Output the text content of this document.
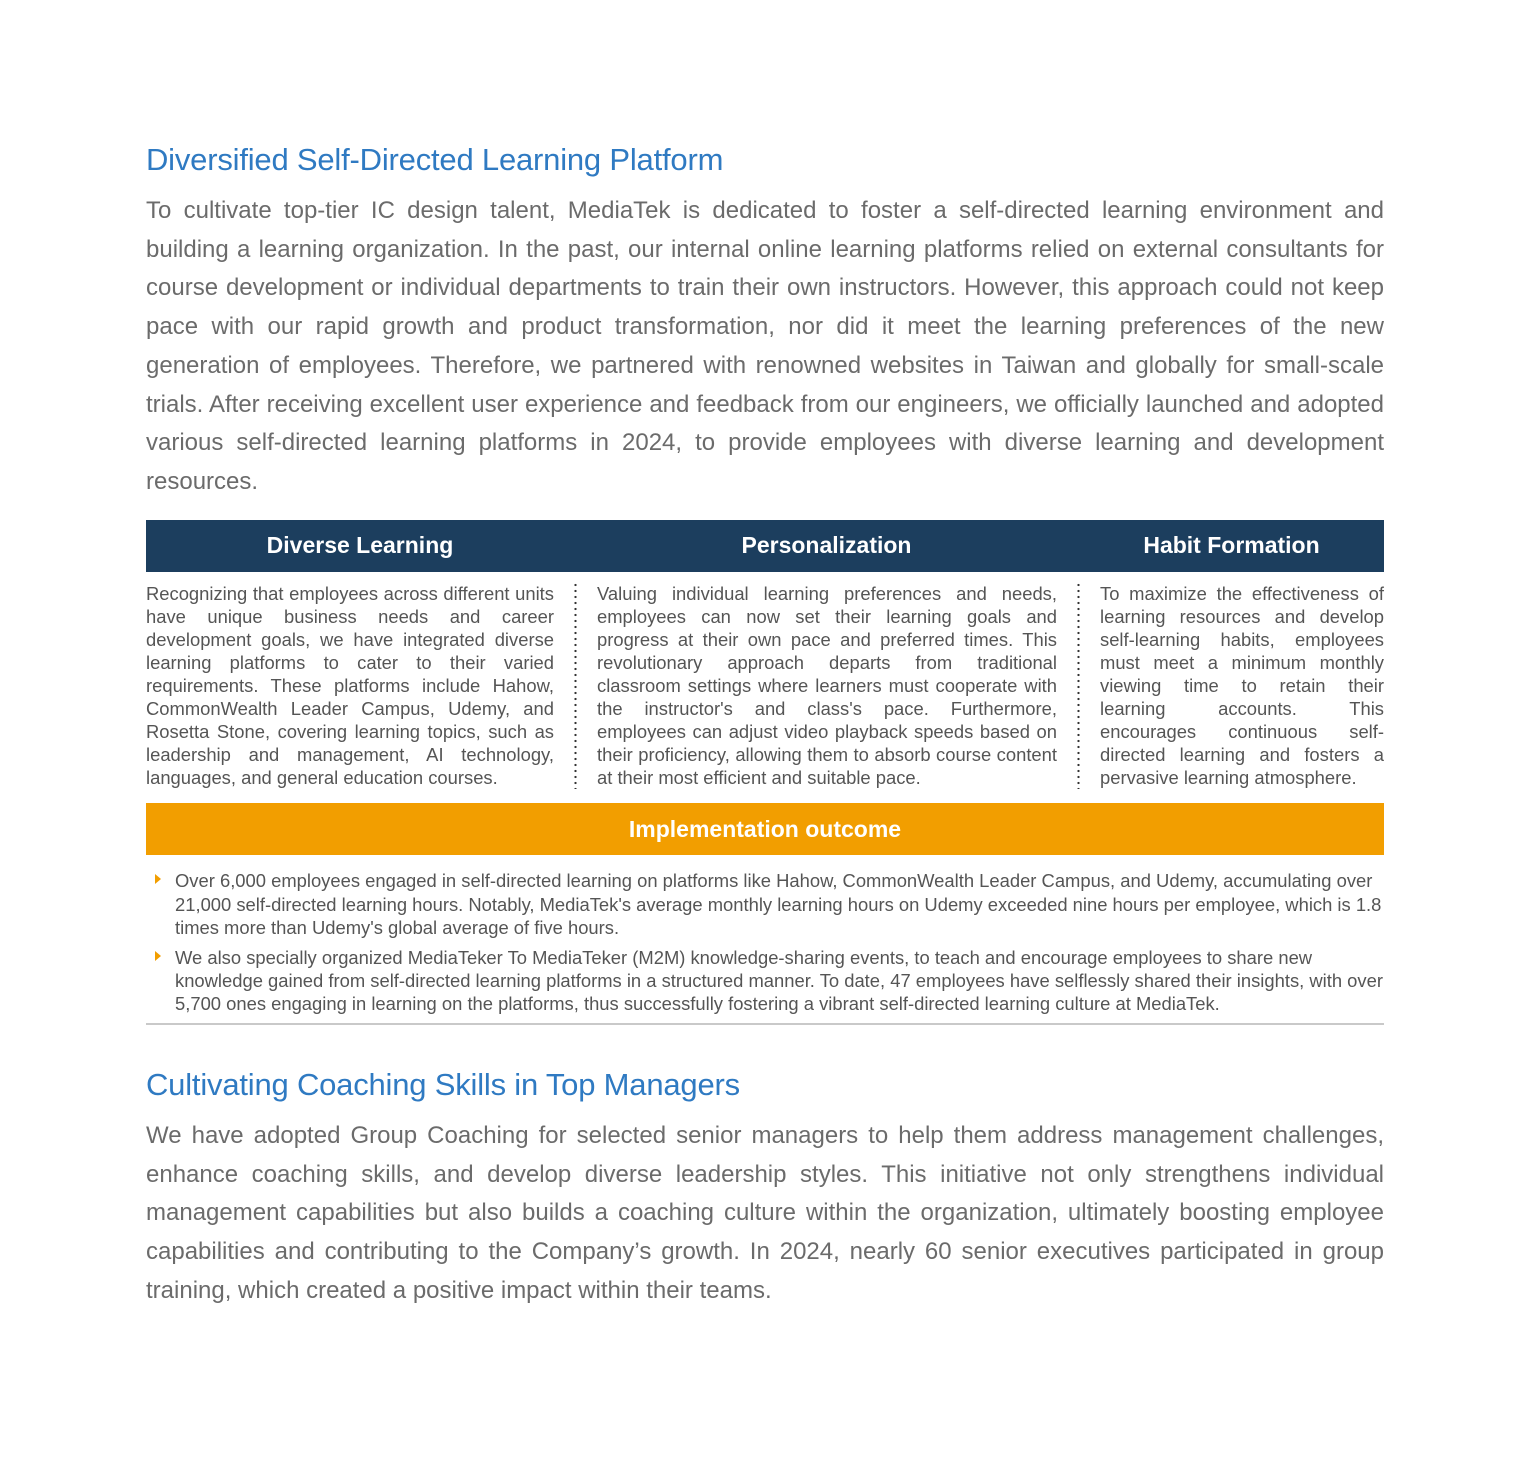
Diversified Self-Directed Learning Platform

To cultivate top-tier IC design talent, MediaTek is dedicated to foster a self-directed learning environment and building a learning organization. In the past, our internal online learning platforms relied on external consultants for course development or individual departments to train their own instructors. However, this approach could not keep pace with our rapid growth and product transformation, nor did it meet the learning preferences of the new generation of employees. Therefore, we partnered with renowned websites in Taiwan and globally for small-scale trials. After receiving excellent user experience and feedback from our engineers, we officially launched and adopted various self-directed learning platforms in 2024, to provide employees with diverse learning and development resources.

Diverse Learning	Personalization	Habit Formation
Recognizing that employees across different units have unique business needs and career development goals, we have integrated diverse learning platforms to cater to their varied requirements. These platforms include Hahow, CommonWealth Leader Campus, Udemy, and Rosetta Stone, covering learning topics, such as leadership and management, AI technology, languages, and general education courses.
Valuing individual learning preferences and needs, employees can now set their learning goals and progress at their own pace and preferred times. This revolutionary approach departs from traditional classroom settings where learners must cooperate with the instructor's and class's pace. Furthermore, employees can adjust video playback speeds based on their proficiency, allowing them to absorb course content at their most efficient and suitable pace.
To maximize the effectiveness of learning resources and develop self-learning habits, employees must meet a minimum monthly viewing time to retain their learning accounts. This encourages continuous self-directed learning and fosters a pervasive learning atmosphere.
Implementation outcome
Over 6,000 employees engaged in self-directed learning on platforms like Hahow, CommonWealth Leader Campus, and Udemy, accumulating over 21,000 self-directed learning hours. Notably, MediaTek's average monthly learning hours on Udemy exceeded nine hours per employee, which is 1.8 times more than Udemy's global average of five hours.
We also specially organized MediaTeker To MediaTeker (M2M) knowledge-sharing events, to teach and encourage employees to share new knowledge gained from self-directed learning platforms in a structured manner. To date, 47 employees have selflessly shared their insights, with over 5,700 ones engaging in learning on the platforms, thus successfully fostering a vibrant self-directed learning culture at MediaTek.
Cultivating Coaching Skills in Top Managers

We have adopted Group Coaching for selected senior managers to help them address management challenges, enhance coaching skills, and develop diverse leadership styles. This initiative not only strengthens individual management capabilities but also builds a coaching culture within the organization, ultimately boosting employee capabilities and contributing to the Company’s growth. In 2024, nearly 60 senior executives participated in group training, which created a positive impact within their teams.
